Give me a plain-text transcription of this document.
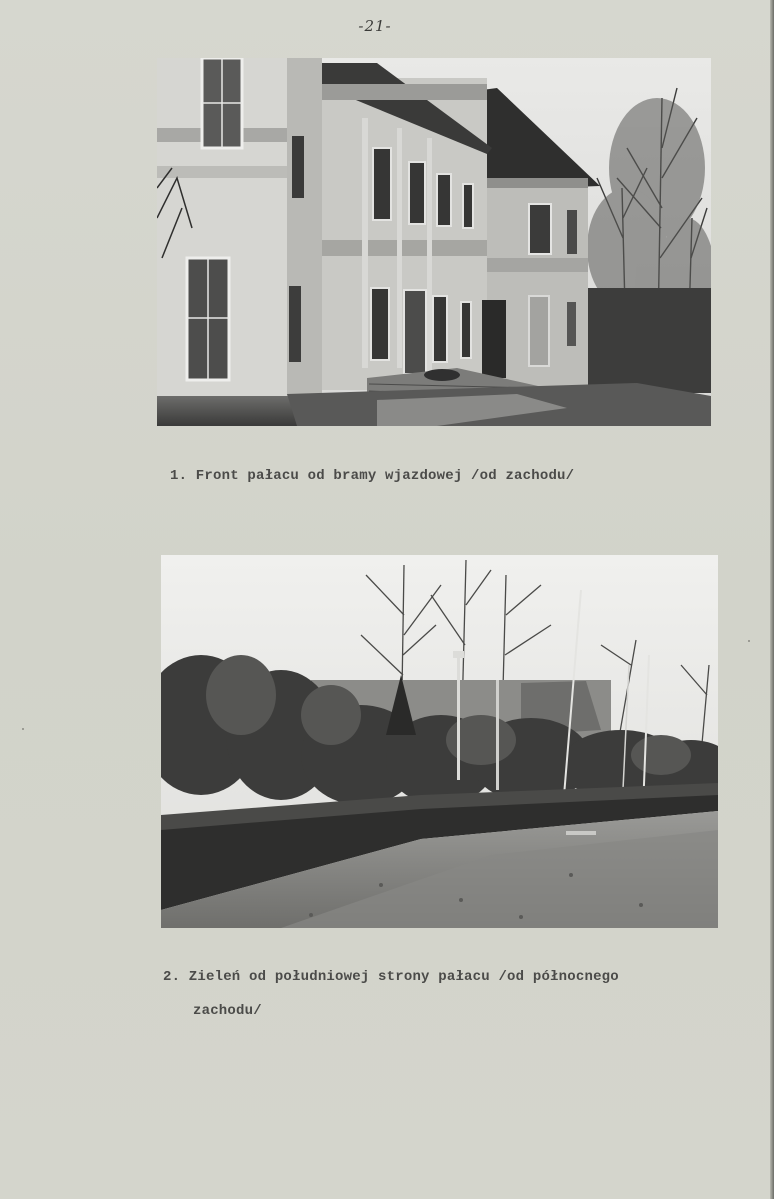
-21-
1. Front pałacu od bramy wjazdowej /od zachodu/
2. Zieleń od południowej strony pałacu /od północnego
zachodu/
